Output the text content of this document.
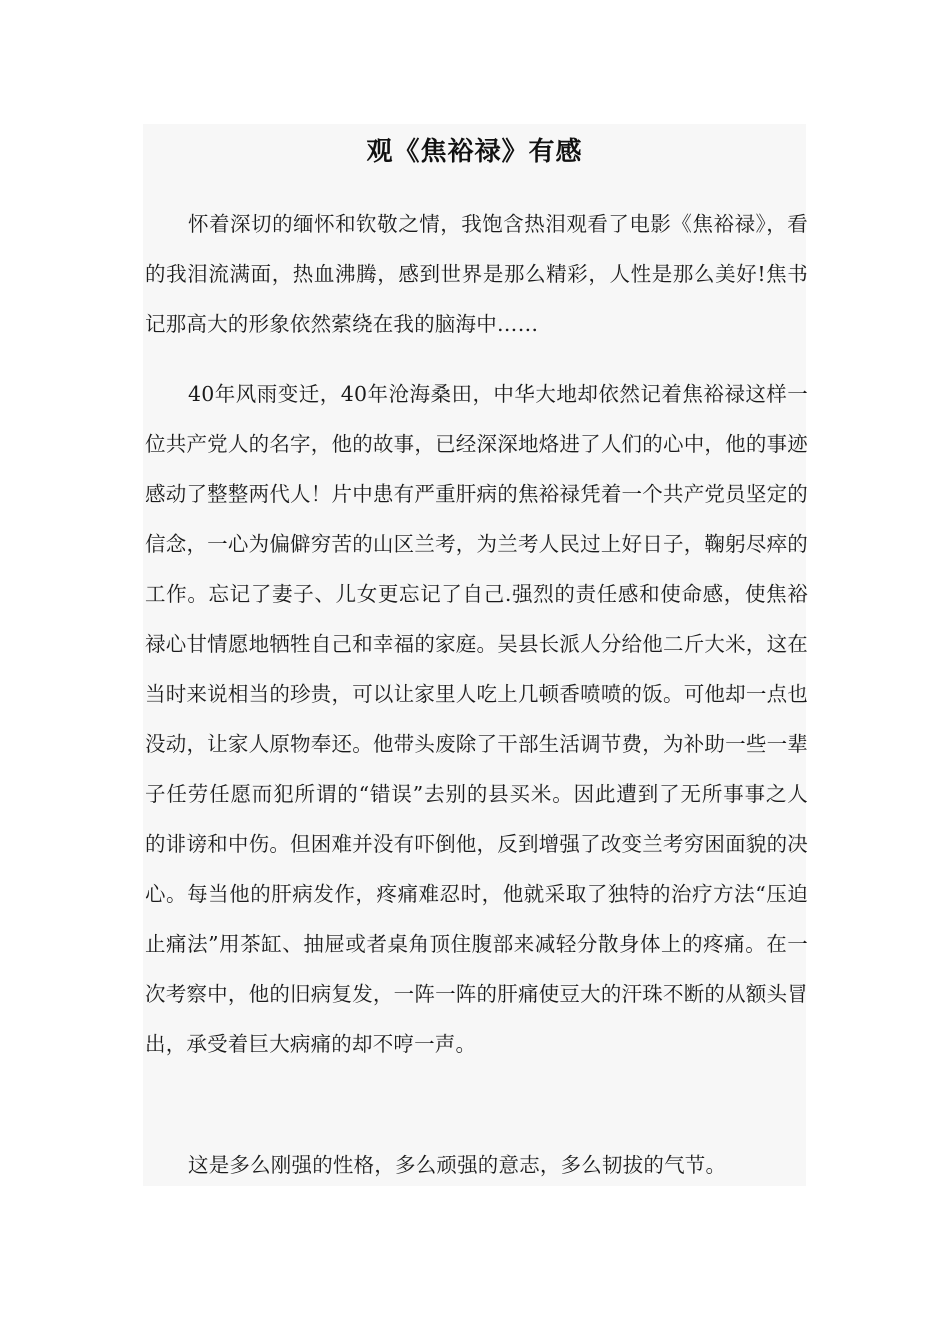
观《焦裕禄》有感

怀着深切的缅怀和钦敬之情，我饱含热泪观看了电影《焦裕禄》，看的我泪流满面，热血沸腾，感到世界是那么精彩，人性是那么美好!焦书记那高大的形象依然萦绕在我的脑海中……

40年风雨变迁，40年沧海桑田，中华大地却依然记着焦裕禄这样一位共产党人的名字，他的故事，已经深深地烙进了人们的心中，他的事迹感动了整整两代人！片中患有严重肝病的焦裕禄凭着一个共产党员坚定的信念，一心为偏僻穷苦的山区兰考，为兰考人民过上好日子，鞠躬尽瘁的工作。忘记了妻子、儿女更忘记了自己.强烈的责任感和使命感，使焦裕禄心甘情愿地牺牲自己和幸福的家庭。吴县长派人分给他二斤大米，这在当时来说相当的珍贵，可以让家里人吃上几顿香喷喷的饭。可他却一点也没动，让家人原物奉还。他带头废除了干部生活调节费，为补助一些一辈子任劳任愿而犯所谓的“错误”去别的县买米。因此遭到了无所事事之人的诽谤和中伤。但困难并没有吓倒他，反到增强了改变兰考穷困面貌的决心。每当他的肝病发作，疼痛难忍时，他就采取了独特的治疗方法“压迫止痛法”用茶缸、抽屉或者桌角顶住腹部来减轻分散身体上的疼痛。在一次考察中，他的旧病复发，一阵一阵的肝痛使豆大的汗珠不断的从额头冒出，承受着巨大病痛的却不哼一声。

这是多么刚强的性格，多么顽强的意志，多么韧拔的气节。
